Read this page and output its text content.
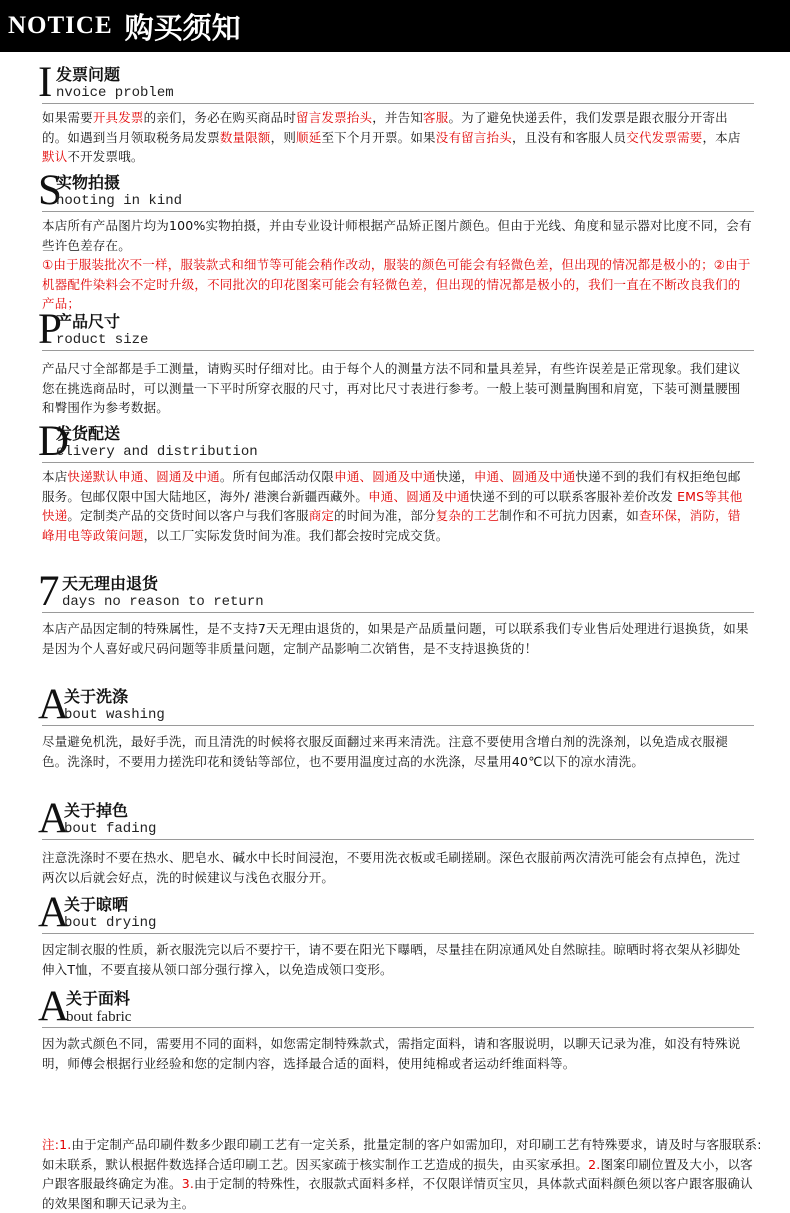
NOTICE 购买须知
I 发票问题
nvoice problem
如果需要开具发票的亲们，务必在购买商品时留言发票抬头，并告知客服。为了避免快递丢件，我们发票是跟衣服分开寄出的。如遇到当月领取税务局发票数量限额，则顺延至下个月开票。如果没有留言抬头，且没有和客服人员交代发票需要，本店默认不开发票哦。
S
实物拍摄
hooting in kind
本店所有产品图片均为100%实物拍摄，并由专业设计师根据产品矫正图片颜色。但由于光线、角度和显示器对比度不同，会有些许色差存在。
①由于服装批次不一样，服装款式和细节等可能会稍作改动，服装的颜色可能会有轻微色差，但出现的情况都是极小的；②由于机器配件染料会不定时升级，不同批次的印花图案可能会有轻微色差，但出现的情况都是极小的，我们一直在不断改良我们的产品；
P
产品尺寸
roduct size
产品尺寸全部都是手工测量，请购买时仔细对比。由于每个人的测量方法不同和量具差异，有些许误差是正常现象。我们建议您在挑选商品时，可以测量一下平时所穿衣服的尺寸，再对比尺寸表进行参考。一般上装可测量胸围和肩宽，下装可测量腰围和臀围作为参考数据。
D
发货配送
elivery and distribution
本店快递默认申通、圆通及中通。所有包邮活动仅限申通、圆通及中通快递，申通、圆通及中通快递不到的我们有权拒绝包邮服务。包邮仅限中国大陆地区，海外/ 港澳台新疆西藏外。申通、圆通及中通快递不到的可以联系客服补差价改发 EMS等其他快递。定制类产品的交货时间以客户与我们客服商定的时间为准，部分复杂的工艺制作和不可抗力因素，如查环保，消防，错峰用电等政策问题，以工厂实际发货时间为准。我们都会按时完成交货。
7 天无理由退货
days no reason to return
本店产品因定制的特殊属性，是不支持7天无理由退货的，如果是产品质量问题，可以联系我们专业售后处理进行退换货，如果是因为个人喜好或尺码问题等非质量问题，定制产品影响二次销售，是不支持退换货的！
A
关于洗涤
bout washing
尽量避免机洗，最好手洗，而且清洗的时候将衣服反面翻过来再来清洗。注意不要使用含增白剂的洗涤剂，以免造成衣服褪色。洗涤时，不要用力搓洗印花和烫钻等部位，也不要用温度过高的水洗涤，尽量用40℃以下的凉水清洗。
A
关于掉色
bout fading
注意洗涤时不要在热水、肥皂水、碱水中长时间浸泡，不要用洗衣板或毛刷搓刷。深色衣服前两次清洗可能会有点掉色，洗过两次以后就会好点，洗的时候建议与浅色衣服分开。
A
关于晾晒
bout drying
因定制衣服的性质，新衣服洗完以后不要拧干，请不要在阳光下曝晒，尽量挂在阴凉通风处自然晾挂。晾晒时将衣架从衫脚处伸入T恤，不要直接从领口部分强行撑入，以免造成领口变形。
A
关于面料
bout fabric
因为款式颜色不同，需要用不同的面料，如您需定制特殊款式，需指定面料，请和客服说明，以聊天记录为准，如没有特殊说明，师傅会根据行业经验和您的定制内容，选择最合适的面料，使用纯棉或者运动纤维面料等。
注:1.由于定制产品印刷件数多少跟印刷工艺有一定关系，批量定制的客户如需加印，对印刷工艺有特殊要求，请及时与客服联系:如未联系，默认根据件数选择合适印刷工艺。因买家疏于核实制作工艺造成的损失，由买家承担。2.图案印刷位置及大小，以客户跟客服最终确定为准。3.由于定制的特殊性，衣服款式面料多样，不仅限详情页宝贝，具体款式面料颜色须以客户跟客服确认的效果图和聊天记录为主。
